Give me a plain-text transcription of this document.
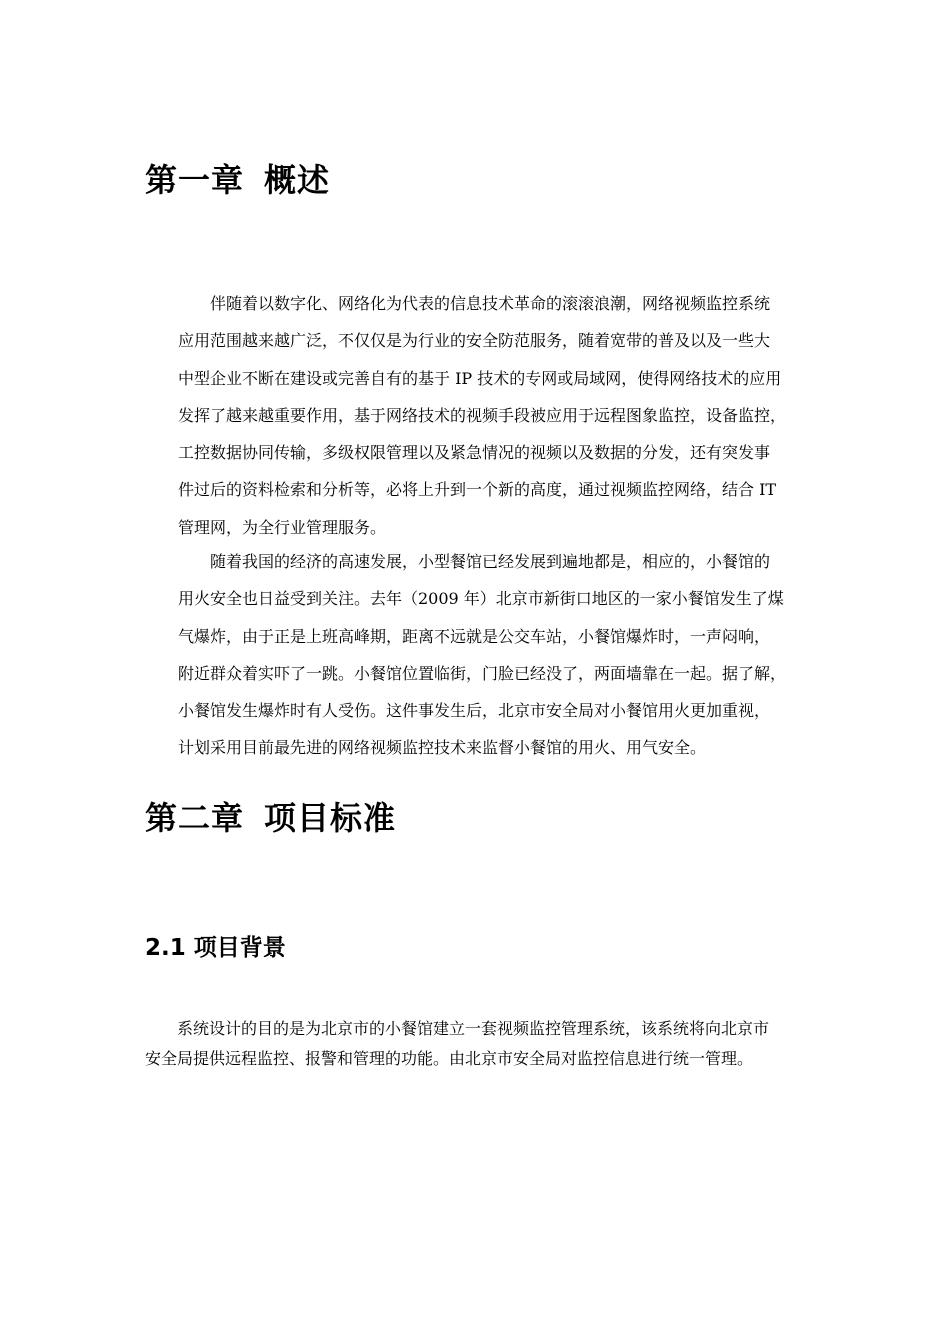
第一章 概述

伴随着以数字化、网络化为代表的信息技术革命的滚滚浪潮，网络视频监控系统
应用范围越来越广泛，不仅仅是为行业的安全防范服务，随着宽带的普及以及一些大
中型企业不断在建设或完善自有的基于 IP 技术的专网或局域网，使得网络技术的应用
发挥了越来越重要作用，基于网络技术的视频手段被应用于远程图象监控，设备监控，
工控数据协同传输，多级权限管理以及紧急情况的视频以及数据的分发，还有突发事
件过后的资料检索和分析等，必将上升到一个新的高度，通过视频监控网络，结合 IT
管理网，为全行业管理服务。

随着我国的经济的高速发展，小型餐馆已经发展到遍地都是，相应的，小餐馆的
用火安全也日益受到关注。去年（2009 年）北京市新街口地区的一家小餐馆发生了煤
气爆炸，由于正是上班高峰期，距离不远就是公交车站，小餐馆爆炸时，一声闷响，
附近群众着实吓了一跳。小餐馆位置临街，门脸已经没了，两面墙靠在一起。据了解，
小餐馆发生爆炸时有人受伤。这件事发生后，北京市安全局对小餐馆用火更加重视，
计划采用目前最先进的网络视频监控技术来监督小餐馆的用火、用气安全。

第二章 项目标准
2.1 项目背景

系统设计的目的是为北京市的小餐馆建立一套视频监控管理系统，该系统将向北京市
安全局提供远程监控、报警和管理的功能。由北京市安全局对监控信息进行统一管理。
